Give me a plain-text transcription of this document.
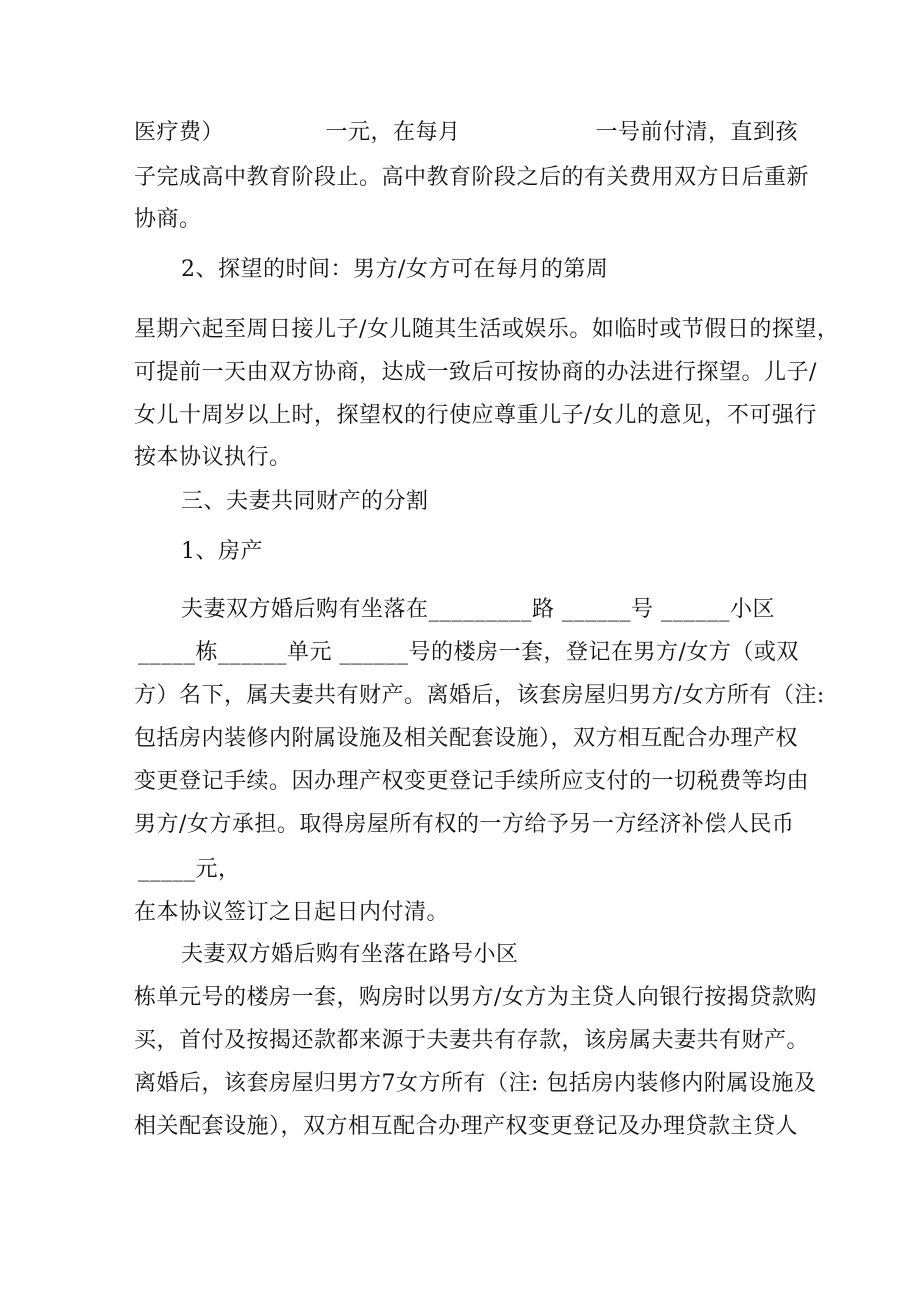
医疗费）　　　　　一元，在每月　　　　　　一号前付清，直到孩
子完成高中教育阶段止。高中教育阶段之后的有关费用双方日后重新
协商。
2、探望的时间：男方/女方可在每月的第周
星期六起至周日接儿子/女儿随其生活或娱乐。如临时或节假日的探望，
可提前一天由双方协商，达成一致后可按协商的办法进行探望。儿子/
女儿十周岁以上时，探望权的行使应尊重儿子/女儿的意见，不可强行
按本协议执行。
三、夫妻共同财产的分割
1、房产
夫妻双方婚后购有坐落在_________路 ______号 ______小区
_____栋______单元 ______号的楼房一套，登记在男方/女方（或双
方）名下，属夫妻共有财产。离婚后，该套房屋归男方/女方所有（注:
包括房内装修内附属设施及相关配套设施），双方相互配合办理产权
变更登记手续。因办理产权变更登记手续所应支付的一切税费等均由
男方/女方承担。取得房屋所有权的一方给予另一方经济补偿人民币
_____元，
在本协议签订之日起日内付清。
夫妻双方婚后购有坐落在路号小区
栋单元号的楼房一套，购房时以男方/女方为主贷人向银行按揭贷款购
买，首付及按揭还款都来源于夫妻共有存款，该房属夫妻共有财产。
离婚后，该套房屋归男方7女方所有（注: 包括房内装修内附属设施及
相关配套设施），双方相互配合办理产权变更登记及办理贷款主贷人
